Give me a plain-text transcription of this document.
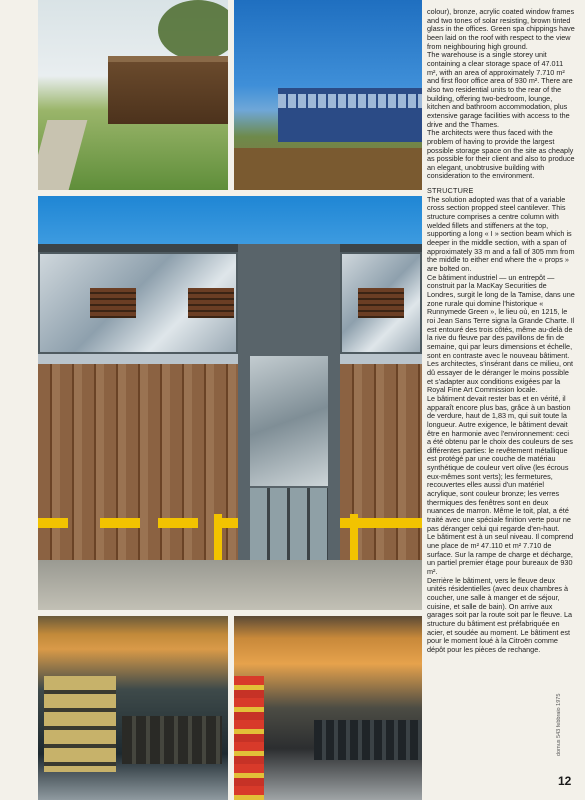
colour), bronze, acrylic coated window frames and two tones of solar resisting, brown tinted glass in the offices. Green spa chippings have been laid on the roof with respect to the view from neighbouring high ground.

The warehouse is a single storey unit containing a clear storage space of 47.011 m², with an area of approximately 7.710 m² and first floor office area of 930 m². There are also two residential units to the rear of the building, offering two-bedroom, lounge, kitchen and bathroom accommodation, plus extensive garage facilities with access to the drive and the Thames.

The architects were thus faced with the problem of having to provide the largest possible storage space on the site as cheaply as possible for their client and also to produce an elegant, unobtrusive building with consideration to the environment.

STRUCTURE

The solution adopted was that of a variable cross section propped steel cantilever. This structure comprises a centre column with welded fillets and stiffeners at the top, supporting a long « I » section beam which is deeper in the middle section, with a span of approximately 33 m and a fall of 305 mm from the middle to either end where the « props » are bolted on.

Ce bâtiment industriel — un entrepôt — construit par la MacKay Securities de Londres, surgit le long de la Tamise, dans une zone rurale qui domine l'historique « Runnymede Green », le lieu où, en 1215, le roi Jean Sans Terre signa la Grande Charte. Il est entouré des trois côtés, même au-delà de la rive du fleuve par des pavillons de fin de semaine, qui par leurs dimensions et échelle, sont en contraste avec le nouveau bâtiment.

Les architectes, s'insérant dans ce milieu, ont dû essayer de le déranger le moins possible et s'adapter aux conditions exigées par la Royal Fine Art Commission locale.

Le bâtiment devait rester bas et en vérité, il apparaît encore plus bas, grâce à un bastion de verdure, haut de 1,83 m, qui suit toute la longueur. Autre exigence, le bâtiment devait être en harmonie avec l'environnement: ceci a été obtenu par le choix des couleurs de ses différentes parties: le revêtement métallique est protégé par une couche de matériau synthétique de couleur vert olive (les écrous eux-mêmes sont verts); les fermetures, recouvertes elles aussi d'un matériel acrylique, sont couleur bronze; les verres thermiques des fenêtres sont en deux nuances de marron. Même le toit, plat, a été traité avec une spéciale finition verte pour ne pas déranger celui qui regarde d'en-haut.

Le bâtiment est à un seul niveau. Il comprend une place de m² 47.110 et m² 7.710 de surface. Sur la rampe de charge et décharge, un partiel premier étage pour bureaux de 930 m².

Derrière le bâtiment, vers le fleuve deux unités résidentielles (avec deux chambres à coucher, une salle à manger et de séjour, cuisine, et salle de bain). On arrive aux garages soit par la route soit par le fleuve. La structure du bâtiment est préfabriquée en acier, et soudée au moment. Le bâtiment est pour le moment loué à la Citroën comme dépôt pour les pièces de rechange.

domus 543 febbraio 1975
12
